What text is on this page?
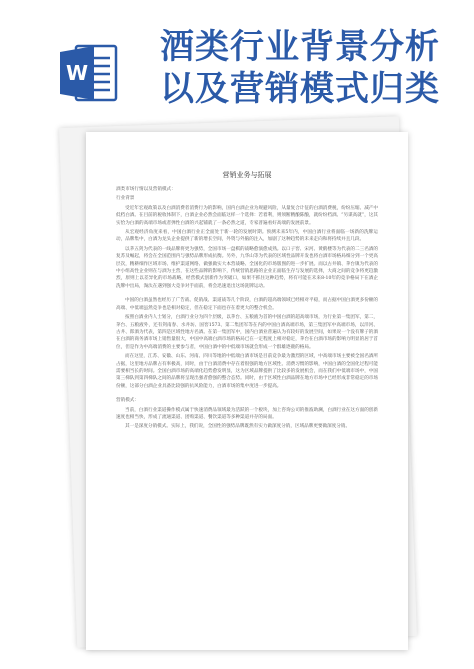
W
酒类行业背景分析
以及营销模式归类
营销业务与拓展

酒类市场行情以及营销模式：

行业背景

受近年宏观政策以及白酒消费者消费行为的影响，国内白酒企业为规避风险，从量复合计征的白酒消费税，纷纷压缩、减产中低档白酒。在目前的税收体制下，白酒企业必然会面临这样一个选择：若着利，则须断精酿陈酿，就纷纷档酒。“另谋高就”，这其实恰为白酒的高端市场或者弹性白酒的兴起铺就了一条必然之道，专家普遍看好高端的发展前景。

从宏观经济角度来看，中国白酒行业正全面处于新一轮的发展时期。预测未来5年内，中国白酒行业将面临一场新的洗牌运动，品牌集中，白酒为龙头企业提供了新的增长空间，外资与外脑的注入，加剧了这种趋势的未来走向和将持续并且几段。

以茅五剑为代表的一线品牌将更为强势，全国市场一盘棋的战略愈演愈成熟。以口子窖、宋河、黄鹤楼等为代表的二三名酒的复苏及崛起，将会在全国范围内与强势品牌形成抗衡。另外，九华山等为代表的区域性品牌开发也将白酒市场格局细分到一个更高层次，精耕细作区域市场、维护渠道网络、做强做实大本营战略、全国化的市场版图的进一步扩展。而以古井镇、茅台镇为代表的中小组高性企业则在与酒为主营，在这些品牌的影响下，传统营销思路的企业正面临生存与发展的选择，大商之间的竞争将更趋激烈，原则上以差异化的市场战略，经营模式创新作为突破口，如果不抓住这种趋势，将有可能在未来8-10年的竞争格局下在酒企洗牌中出局，淘汰在遇到强大竞争对手面前，将会迅速退出这场洗牌运动。

中国的白酒虽然也经历了广告战、促销战、渠道战等几个阶段，白酒的超高端领域已经相对平稳，而占据中国白酒更多份额的高端、中低端虽然竞争也是相对稳定，但在稳定下面也存在着更大的整合机会。

按照白酒业内人士划分，白酒行业分为四个层级，以茅台、五粮液为首的中国白酒的超高端市场，为行业第一集团军，第二，茅台、五粮液外，还有剑南春、水井坊、国窖1573、第二集团军等在内的中国白酒高端市场，第三集团军中高端市场，以洋河、古井、郎酒为代表，第四是区域性地方名酒。在第一集团军中，国内白酒业普遍认为有较好的发展空间，如果说一个没有牌子的酒在白酒的商务酒市场上销售量很大，中国中高端白酒市场的格局已在一定程度上相对稳定，茅台在白酒市场的影响力明显的居于首位，但是作为中高端消费的主要参与者，中国白酒中的中低端市场就会形成一个群雄逐鹿的格局。

而在这里，江苏、安徽、山东、河南、四川等地的中低端白酒市场是目前竞争最为激烈的区域，中高端市场主要被全国名酒所占据，这里地方品牌占有率极高，同时，由于白酒消费中存在着很强的地方区域性、消费习惯的影响，中国白酒的全国化过程可能需要相当长的时间。全国白酒市场的高端化趋势愈发明显，这为区域品牌提供了比较多的发展机会，而在我们中低端市场中，中国第三梯队到第四梯队之间的品牌将呈现出强者愈强的整合态势。同时，由于区域性白酒品牌在地方市场中已经形成非常稳定的市场份额，这部分白酒企业具备比较强的抗风险能力，白酒市场的集中度进一步提高。

营销模式：

当前，白酒行业渠道操作模式属于快速消费品领域最为活跃的一个板块，加上咨询公司的推波助澜，白酒行业在这方面的创新速度也相当快，形成了流通渠道、团购渠道、餐饮渠道等多种渠道并存的局面。

其一是深度分销模式。实际上，我们说，全国性的强势品牌既然有实力做深度分销，区域品牌更要做深度分销。
